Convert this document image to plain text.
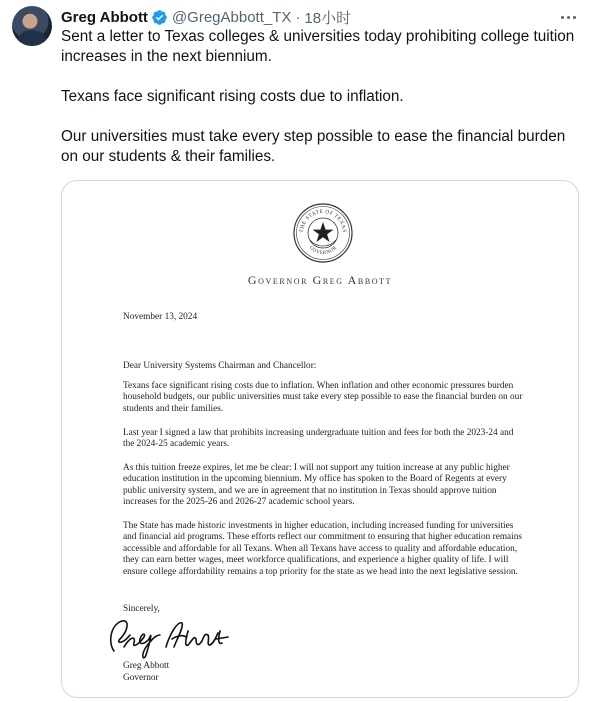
Greg Abbott @GregAbbott_TX · 18小时

Sent a letter to Texas colleges & universities today prohibiting college tuition increases in the next biennium.

Texans face significant rising costs due to inflation.

Our universities must take every step possible to ease the financial burden on our students & their families.

THE STATE OF TEXAS
GOVERNOR
Governor Greg Abbott
November 13, 2024
Dear University Systems Chairman and Chancellor:
Texans face significant rising costs due to inflation. When inflation and other economic pressures burden household budgets, our public universities must take every step possible to ease the financial burden on our students and their families.
Last year I signed a law that prohibits increasing undergraduate tuition and fees for both the 2023-24 and the 2024-25 academic years.
As this tuition freeze expires, let me be clear: I will not support any tuition increase at any public higher education institution in the upcoming biennium. My office has spoken to the Board of Regents at every public university system, and we are in agreement that no institution in Texas should approve tuition increases for the 2025-26 and 2026-27 academic school years.
The State has made historic investments in higher education, including increased funding for universities and financial aid programs. These efforts reflect our commitment to ensuring that higher education remains accessible and affordable for all Texans. When all Texans have access to quality and affordable education, they can earn better wages, meet workforce qualifications, and experience a higher quality of life. I will ensure college affordability remains a top priority for the state as we head into the next legislative session.
Sincerely,
Greg Abbott
Governor
